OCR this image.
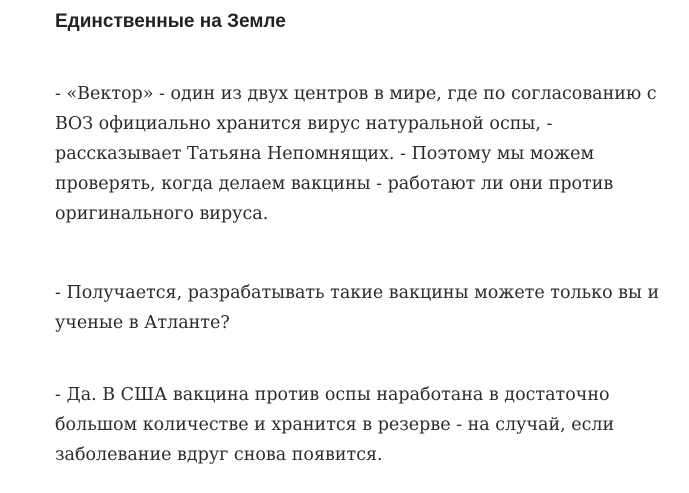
Единственные на Земле

- «Вектор» - один из двух центров в мире, где по согласованию с
ВОЗ официально хранится вирус натуральной оспы, -
рассказывает Татьяна Непомнящих. - Поэтому мы можем
проверять, когда делаем вакцины - работают ли они против
оригинального вируса.

- Получается, разрабатывать такие вакцины можете только вы и
ученые в Атланте?

- Да. В США вакцина против оспы наработана в достаточно
большом количестве и хранится в резерве - на случай, если
заболевание вдруг снова появится.
